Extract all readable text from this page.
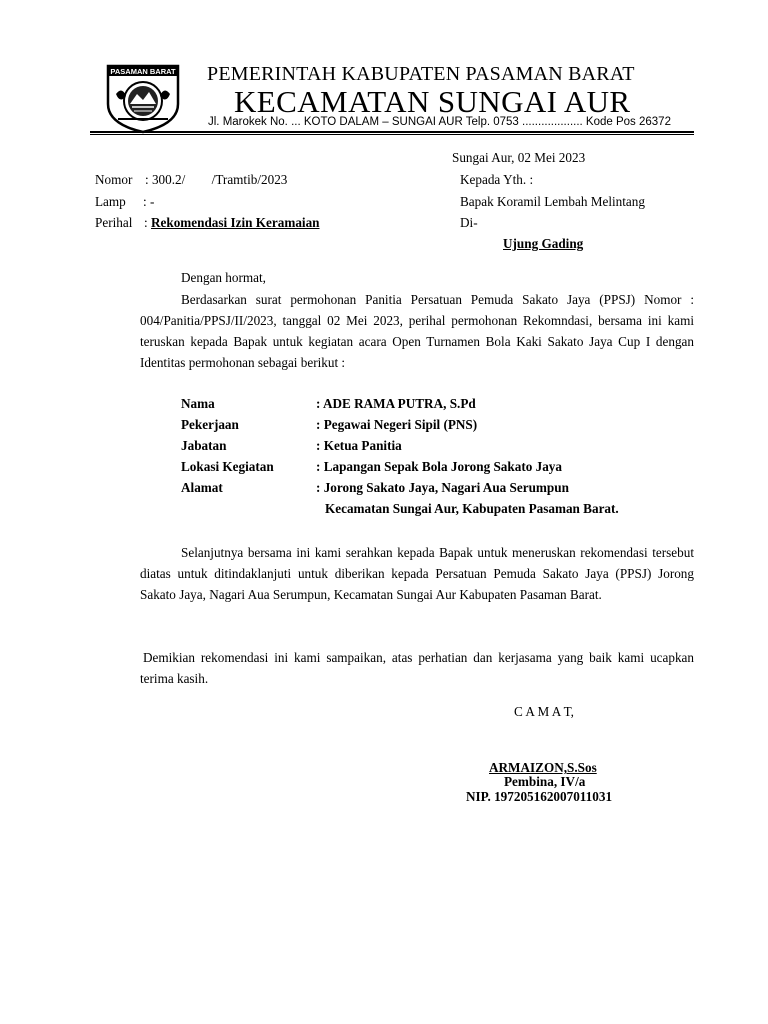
PASAMAN BARAT PEMERINTAH KABUPATEN PASAMAN BARAT
KECAMATAN SUNGAI AUR
Jl. Marokek No. ... KOTO DALAM – SUNGAI AUR Telp. 0753 ................... Kode Pos 26372
Sungai Aur, 02 Mei 2023
Nomor : 300.2/        /Tramtib/2023
Lamp : -
Perihal : Rekomendasi Izin Keramaian
Kepada Yth. :
Bapak Koramil Lembah Melintang
Di-
Ujung Gading
Dengan hormat,

Berdasarkan surat permohonan Panitia Persatuan Pemuda Sakato Jaya (PPSJ) Nomor : 004/Panitia/PPSJ/II/2023, tanggal 02 Mei 2023, perihal permohonan Rekomndasi, bersama ini kami teruskan kepada Bapak untuk kegiatan acara Open Turnamen Bola Kaki Sakato Jaya Cup I dengan Identitas permohonan sebagai berikut :

Nama	: ADE RAMA PUTRA, S.Pd
Pekerjaan	: Pegawai Negeri Sipil (PNS)
Jabatan	: Ketua Panitia
Lokasi Kegiatan	: Lapangan Sepak Bola Jorong Sakato Jaya
Alamat	: Jorong Sakato Jaya, Nagari Aua Serumpun
Kecamatan Sungai Aur, Kabupaten Pasaman Barat.

Selanjutnya bersama ini kami serahkan kepada Bapak untuk meneruskan rekomendasi tersebut diatas untuk ditindaklanjuti untuk diberikan kepada Persatuan Pemuda Sakato Jaya (PPSJ) Jorong Sakato Jaya, Nagari Aua Serumpun, Kecamatan Sungai Aur Kabupaten Pasaman Barat.

Demikian rekomendasi ini kami sampaikan, atas perhatian dan kerjasama yang baik kami ucapkan terima kasih.

C A M A T,
ARMAIZON,S.Sos
Pembina, IV/a
NIP. 197205162007011031
